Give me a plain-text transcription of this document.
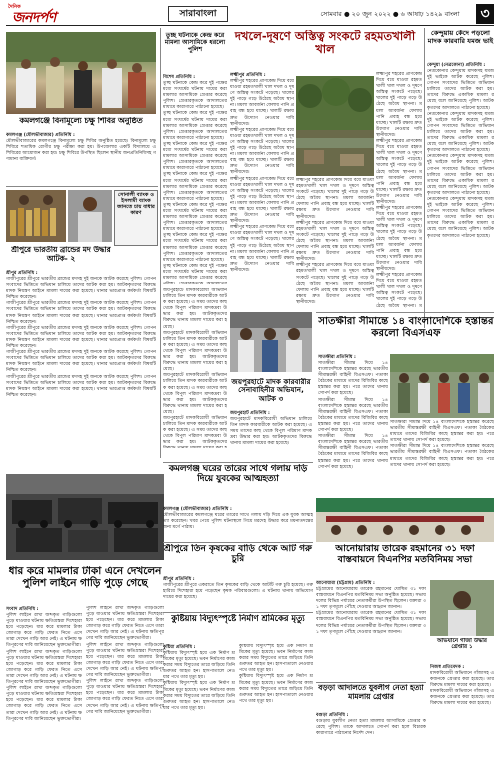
দৈনিক
জনদর্পণ	সারাবাংলা	সোমবার ● ২০ জুন ২০২২ ● ৬ আষাঢ় ১৪২৯ বাংলা	৩
কমলগঞ্জে বিনামূল্যে চক্ষু শিবির অনুষ্ঠিত
কমলগঞ্জ (মৌলভীবাজার) প্রতিনিধি :
মৌলভীবাজারের কমলগঞ্জে বিনামূল্যে চক্ষু শিবির অনুষ্ঠিত হয়েছে। বিনামূল্যে চক্ষু শিবিরে শতাধিক রোগীর চক্ষু পরীক্ষা করা হয়। উপজেলার একটি বিদ্যালয়ে এ শিবিরের আয়োজন করা হয়। চক্ষু শিবিরে উপস্থিত ছিলেন স্থানীয় জনপ্রতিনিধিসহ গণ্যমান্য ব্যক্তিবর্গ।
সোনালী ব্যাংক ও ইসলামী ব্যাংক জানতে চায় বাধার কারণ
শ্রীপুরে ভারতীয় ব্রান্ডের মদ উদ্ধার আটক- ২
শ্রীপুর প্রতিনিধি :
গাজীপুরের শ্রীপুরে ভারতীয় ব্রান্ডের মদসহ দুই জনকে আটক করেছে পুলিশ। গোপন সংবাদের ভিত্তিতে অভিযান চালিয়ে তাদের আটক করা হয়। আটককৃতদের বিরুদ্ধে মাদক নিয়ন্ত্রণ আইনে মামলা দায়ের করা হয়েছে। থানার ভারপ্রাপ্ত কর্মকর্তা বিষয়টি নিশ্চিত করেছেন।
গাজীপুরের শ্রীপুরে ভারতীয় ব্রান্ডের মদসহ দুই জনকে আটক করেছে পুলিশ। গোপন সংবাদের ভিত্তিতে অভিযান চালিয়ে তাদের আটক করা হয়। আটককৃতদের বিরুদ্ধে মাদক নিয়ন্ত্রণ আইনে মামলা দায়ের করা হয়েছে। থানার ভারপ্রাপ্ত কর্মকর্তা বিষয়টি নিশ্চিত করেছেন।
গাজীপুরের শ্রীপুরে ভারতীয় ব্রান্ডের মদসহ দুই জনকে আটক করেছে পুলিশ। গোপন সংবাদের ভিত্তিতে অভিযান চালিয়ে তাদের আটক করা হয়। আটককৃতদের বিরুদ্ধে মাদক নিয়ন্ত্রণ আইনে মামলা দায়ের করা হয়েছে। থানার ভারপ্রাপ্ত কর্মকর্তা বিষয়টি নিশ্চিত করেছেন।
গাজীপুরের শ্রীপুরে ভারতীয় ব্রান্ডের মদসহ দুই জনকে আটক করেছে পুলিশ। গোপন সংবাদের ভিত্তিতে অভিযান চালিয়ে তাদের আটক করা হয়। আটককৃতদের বিরুদ্ধে মাদক নিয়ন্ত্রণ আইনে মামলা দায়ের করা হয়েছে। থানার ভারপ্রাপ্ত কর্মকর্তা বিষয়টি নিশ্চিত করেছেন।
গাজীপুরের শ্রীপুরে ভারতীয় ব্রান্ডের মদসহ দুই জনকে আটক করেছে পুলিশ। গোপন সংবাদের ভিত্তিতে অভিযান চালিয়ে তাদের আটক করা হয়। আটককৃতদের বিরুদ্ধে মাদক নিয়ন্ত্রণ আইনে মামলা দায়ের করা হয়েছে। থানার ভারপ্রাপ্ত কর্মকর্তা বিষয়টি নিশ্চিত করেছেন।
ধার করে মামলার টাকা এনে দেখলেন পুলিশ লাইনে গাড়ি পুড়ে গেছে
সংবাদ প্রতিনিধি :
পুলিশ লাইনে রাখা জব্দকৃত গাড়িগুলো পুড়ে যাওয়ার ঘটনায় ক্ষতিগ্রস্তরা দিশেহারা হয়ে পড়েছেন। ধার করে মামলার টাকা জোগাড় করে গাড়ি ফেরত নিতে এসে তারা দেখেন গাড়ি আর নেই। এ ঘটনায় ক্ষতিপূরণের দাবি জানিয়েছেন ভুক্তভোগীরা।
পুলিশ লাইনে রাখা জব্দকৃত গাড়িগুলো পুড়ে যাওয়ার ঘটনায় ক্ষতিগ্রস্তরা দিশেহারা হয়ে পড়েছেন। ধার করে মামলার টাকা জোগাড় করে গাড়ি ফেরত নিতে এসে তারা দেখেন গাড়ি আর নেই। এ ঘটনায় ক্ষতিপূরণের দাবি জানিয়েছেন ভুক্তভোগীরা।
পুলিশ লাইনে রাখা জব্দকৃত গাড়িগুলো পুড়ে যাওয়ার ঘটনায় ক্ষতিগ্রস্তরা দিশেহারা হয়ে পড়েছেন। ধার করে মামলার টাকা জোগাড় করে গাড়ি ফেরত নিতে এসে তারা দেখেন গাড়ি আর নেই। এ ঘটনায় ক্ষতিপূরণের দাবি জানিয়েছেন ভুক্তভোগীরা।
পুলিশ লাইনে রাখা জব্দকৃত গাড়িগুলো পুড়ে যাওয়ার ঘটনায় ক্ষতিগ্রস্তরা দিশেহারা হয়ে পড়েছেন। ধার করে মামলার টাকা জোগাড় করে গাড়ি ফেরত নিতে এসে তারা দেখেন গাড়ি আর নেই। এ ঘটনায় ক্ষতিপূরণের দাবি জানিয়েছেন ভুক্তভোগীরা।
পুলিশ লাইনে রাখা জব্দকৃত গাড়িগুলো পুড়ে যাওয়ার ঘটনায় ক্ষতিগ্রস্তরা দিশেহারা হয়ে পড়েছেন। ধার করে মামলার টাকা জোগাড় করে গাড়ি ফেরত নিতে এসে তারা দেখেন গাড়ি আর নেই। এ ঘটনায় ক্ষতিপূরণের দাবি জানিয়েছেন ভুক্তভোগীরা।
পুলিশ লাইনে রাখা জব্দকৃত গাড়িগুলো পুড়ে যাওয়ার ঘটনায় ক্ষতিগ্রস্তরা দিশেহারা হয়ে পড়েছেন। ধার করে মামলার টাকা জোগাড় করে গাড়ি ফেরত নিতে এসে তারা দেখেন গাড়ি আর নেই। এ ঘটনায় ক্ষতিপূরণের দাবি জানিয়েছেন ভুক্তভোগীরা।
তুচ্ছ ঘটনাকে কেন্দ্র করে মামলা আসামিকে ধরলো পুলিশ
বিশেষ প্রতিনিধি :
তুচ্ছ ঘটনাকে কেন্দ্র করে দুই পক্ষের মধ্যে সংঘর্ষের ঘটনায় দায়ের করা মামলার আসামিকে গ্রেপ্তার করেছে পুলিশ। গ্রেপ্তারকৃতকে আদালতের মাধ্যমে কারাগারে পাঠানো হয়েছে।
তুচ্ছ ঘটনাকে কেন্দ্র করে দুই পক্ষের মধ্যে সংঘর্ষের ঘটনায় দায়ের করা মামলার আসামিকে গ্রেপ্তার করেছে পুলিশ। গ্রেপ্তারকৃতকে আদালতের মাধ্যমে কারাগারে পাঠানো হয়েছে।
তুচ্ছ ঘটনাকে কেন্দ্র করে দুই পক্ষের মধ্যে সংঘর্ষের ঘটনায় দায়ের করা মামলার আসামিকে গ্রেপ্তার করেছে পুলিশ। গ্রেপ্তারকৃতকে আদালতের মাধ্যমে কারাগারে পাঠানো হয়েছে।
তুচ্ছ ঘটনাকে কেন্দ্র করে দুই পক্ষের মধ্যে সংঘর্ষের ঘটনায় দায়ের করা মামলার আসামিকে গ্রেপ্তার করেছে পুলিশ। গ্রেপ্তারকৃতকে আদালতের মাধ্যমে কারাগারে পাঠানো হয়েছে।
তুচ্ছ ঘটনাকে কেন্দ্র করে দুই পক্ষের মধ্যে সংঘর্ষের ঘটনায় দায়ের করা মামলার আসামিকে গ্রেপ্তার করেছে পুলিশ। গ্রেপ্তারকৃতকে আদালতের মাধ্যমে কারাগারে পাঠানো হয়েছে।
তুচ্ছ ঘটনাকে কেন্দ্র করে দুই পক্ষের মধ্যে সংঘর্ষের ঘটনায় দায়ের করা মামলার আসামিকে গ্রেপ্তার করেছে পুলিশ। গ্রেপ্তারকৃতকে আদালতের মাধ্যমে কারাগারে পাঠানো হয়েছে।
তুচ্ছ ঘটনাকে কেন্দ্র করে দুই পক্ষের মধ্যে সংঘর্ষের ঘটনায় দায়ের করা মামলার আসামিকে গ্রেপ্তার করেছে
জয়পুরহাটে মাদকবিরোধী অভিযান চালিয়ে তিন মাদক কারবারীকে আটক করা হয়েছে। এ সময় তাদের কাছ থেকে বিপুল পরিমাণ মাদকদ্রব্য উদ্ধার করা হয়। আটককৃতদের বিরুদ্ধে থানায় মামলা দায়ের করা হয়েছে।
জয়পুরহাটে মাদকবিরোধী অভিযান চালিয়ে তিন মাদক কারবারীকে আটক করা হয়েছে। এ সময় তাদের কাছ থেকে বিপুল পরিমাণ মাদকদ্রব্য উদ্ধার করা হয়। আটককৃতদের বিরুদ্ধে থানায় মামলা দায়ের করা হয়েছে।
জয়পুরহাটে মাদকবিরোধী অভিযান চালিয়ে তিন মাদক কারবারীকে আটক করা হয়েছে। এ সময় তাদের কাছ থেকে বিপুল পরিমাণ মাদকদ্রব্য উদ্ধার করা হয়। আটককৃতদের বিরুদ্ধে থানায় মামলা দায়ের করা হয়েছে।
জয়পুরহাটে মাদকবিরোধী অভিযান চালিয়ে তিন মাদক কারবারীকে আটক করা হয়েছে। এ সময় তাদের কাছ থেকে বিপুল পরিমাণ মাদকদ্রব্য উদ্ধার করা হয়। আটককৃতদের
দখলে-দূষণে অস্তিত্ব সংকটে রহমতখালী খাল
লক্ষ্মীপুর প্রতিনিধি :
লক্ষ্মীপুর শহরের প্রাণকেন্দ্র দিয়ে বয়ে যাওয়া রহমতখালী খাল দখল ও দূষণে অস্তিত্ব সংকটে পড়েছে। খালের দুই পাড়ে গড়ে উঠেছে অবৈধ স্থাপনা। ময়লা আবর্জনা ফেলায় পানি প্রবাহ বন্ধ হয়ে যাচ্ছে। খালটি রক্ষায় দ্রুত উদ্যোগ নেওয়ার দাবি স্থানীয়দের।
লক্ষ্মীপুর শহরের প্রাণকেন্দ্র দিয়ে বয়ে যাওয়া রহমতখালী খাল দখল ও দূষণে অস্তিত্ব সংকটে পড়েছে। খালের দুই পাড়ে গড়ে উঠেছে অবৈধ স্থাপনা। ময়লা আবর্জনা ফেলায় পানি প্রবাহ বন্ধ হয়ে যাচ্ছে। খালটি রক্ষায় দ্রুত উদ্যোগ নেওয়ার দাবি স্থানীয়দের।
লক্ষ্মীপুর শহরের প্রাণকেন্দ্র দিয়ে বয়ে যাওয়া রহমতখালী খাল দখল ও দূষণে অস্তিত্ব সংকটে পড়েছে। খালের দুই পাড়ে গড়ে উঠেছে অবৈধ স্থাপনা। ময়লা আবর্জনা ফেলায় পানি প্রবাহ বন্ধ হয়ে যাচ্ছে। খালটি রক্ষায় দ্রুত উদ্যোগ নেওয়ার দাবি স্থানীয়দের।
লক্ষ্মীপুর শহরের প্রাণকেন্দ্র দিয়ে বয়ে যাওয়া রহমতখালী খাল দখল ও দূষণে অস্তিত্ব সংকটে পড়েছে। খালের দুই পাড়ে গড়ে উঠেছে অবৈধ স্থাপনা। ময়লা আবর্জনা ফেলায় পানি প্রবাহ বন্ধ হয়ে যাচ্ছে। খালটি রক্ষায় দ্রুত উদ্যোগ নেওয়ার দাবি স্থানীয়দের।
লক্ষ্মীপুর শহরের প্রাণকেন্দ্র দিয়ে বয়ে যাওয়া রহমতখালী খাল দখল ও দূষণে অস্তিত্ব সংকটে পড়েছে। খালের দুই পাড়ে গড়ে উঠেছে অবৈধ স্থাপনা। ময়লা আবর্জনা ফেলায় পানি প্রবাহ বন্ধ হয়ে যাচ্ছে। খালটি রক্ষায় দ্রুত উদ্যোগ নেওয়ার দাবি স্থানীয়দের।
লক্ষ্মীপুর শহরের প্রাণকেন্দ্র দিয়ে বয়ে যাওয়া রহমতখালী খাল দখল ও দূষণে অস্তিত্ব সংকটে পড়েছে। খালের দুই পাড়ে গড়ে উঠেছে অবৈধ স্থাপনা। ময়লা আবর্জনা ফেলায় পানি প্রবাহ বন্ধ হয়ে যাচ্ছে। খালটি রক্ষায় দ্রুত উদ্যোগ নেওয়ার দাবি স্থানীয়দের।
লক্ষ্মীপুর শহরের প্রাণকেন্দ্র দিয়ে বয়ে যাওয়া রহমতখালী খাল দখল ও দূষণে অস্তিত্ব সংকটে পড়েছে। খালের দুই পাড়ে গড়ে উঠেছে অবৈধ স্থাপনা। ময়লা আবর্জনা ফেলায় পানি প্রবাহ বন্ধ হয়ে যাচ্ছে। খালটি রক্ষায় দ্রুত উদ্যোগ নেওয়ার দাবি স্থানীয়দের।
লক্ষ্মীপুর শহরের প্রাণকেন্দ্র দিয়ে বয়ে যাওয়া রহমতখালী খাল দখল ও দূষণে অস্তিত্ব সংকটে পড়েছে। খালের দুই পাড়ে গড়ে উঠেছে অবৈধ স্থাপনা। ময়লা আবর্জনা ফেলায় পানি প্রবাহ বন্ধ হয়ে যাচ্ছে। খালটি রক্ষায় দ্রুত উদ্যোগ নেওয়ার দাবি স্থানীয়দের।
লক্ষ্মীপুর শহরের প্রাণকেন্দ্র দিয়ে বয়ে যাওয়া রহমতখালী খাল দখল ও দূষণে অস্তিত্ব সংকটে পড়েছে। খালের দুই পাড়ে গড়ে উঠেছে অবৈধ স্থাপনা। ময়লা আবর্জনা ফেলায় পানি প্রবাহ বন্ধ হয়ে যাচ্ছে। খালটি রক্ষায় দ্রুত উদ্যোগ নেওয়ার দাবি স্থানীয়দের।
লক্ষ্মীপুর শহরের প্রাণকেন্দ্র দিয়ে বয়ে যাওয়া রহমতখালী খাল দখল ও দূষণে অস্তিত্ব সংকটে পড়েছে। খালের দুই পাড়ে গড়ে উঠেছে অবৈধ স্থাপনা। ময়লা আবর্জনা ফেলায় পানি প্রবাহ বন্ধ হয়ে যাচ্ছে। খালটি রক্ষায় দ্রুত উদ্যোগ নেওয়ার দাবি স্থানীয়দের।
লক্ষ্মীপুর শহরের প্রাণকেন্দ্র দিয়ে বয়ে যাওয়া রহমতখালী খাল দখল ও দূষণে অস্তিত্ব সংকটে পড়েছে। খালের দুই পাড়ে গড়ে উঠেছে অবৈধ স্থাপনা। ম
জয়পুরহাটে মাদক কারবারীর সেনাবাহিনীর অভিযান, আটক ৩
জয়পুরহাট প্রতিনিধি :
জয়পুরহাটে মাদকবিরোধী অভিযান চালিয়ে তিন মাদক কারবারীকে আটক করা হয়েছে। এ সময় তাদের কাছ থেকে বিপুল পরিমাণ মাদকদ্রব্য উদ্ধার করা হয়। আটককৃতদের বিরুদ্ধে থানায় মামলা দায়ের করা হয়েছে।
কেন্দুয়ায় কেঁদে পড়লো মাদক কারবারি যমজ ভাই
কেন্দুয়া (নেত্রকোনা) প্রতিনিধি :
নেত্রকোনার কেন্দুয়ায় মাদকসহ যমজ দুই ভাইকে আটক করেছে পুলিশ। গোপন সংবাদের ভিত্তিতে অভিযান চালিয়ে তাদের আটক করা হয়। তাদের বিরুদ্ধে একাধিক মামলা রয়েছে বলে জানিয়েছে পুলিশ। আটককৃতদের আদালতে পাঠানো হয়েছে।
নেত্রকোনার কেন্দুয়ায় মাদকসহ যমজ দুই ভাইকে আটক করেছে পুলিশ। গোপন সংবাদের ভিত্তিতে অভিযান চালিয়ে তাদের আটক করা হয়। তাদের বিরুদ্ধে একাধিক মামলা রয়েছে বলে জানিয়েছে পুলিশ। আটককৃতদের আদালতে পাঠানো হয়েছে।
নেত্রকোনার কেন্দুয়ায় মাদকসহ যমজ দুই ভাইকে আটক করেছে পুলিশ। গোপন সংবাদের ভিত্তিতে অভিযান চালিয়ে তাদের আটক করা হয়। তাদের বিরুদ্ধে একাধিক মামলা রয়েছে বলে জানিয়েছে পুলিশ। আটককৃতদের আদালতে পাঠানো হয়েছে।
নেত্রকোনার কেন্দুয়ায় মাদকসহ যমজ দুই ভাইকে আটক করেছে পুলিশ। গোপন সংবাদের ভিত্তিতে অভিযান চালিয়ে তাদের আটক করা হয়। তাদের বিরুদ্ধে একাধিক মামলা রয়েছে বলে জানিয়েছে পুলিশ। আটককৃতদের আদালতে পাঠানো হয়েছে।
সাতক্ষীরা সীমান্তে ১৪ বাংলাদেশিকে হস্তান্তর করলো বিএসএফ
সাতক্ষীরা প্রতিনিধি :
সাতক্ষীরা সীমান্ত দিয়ে ১৪ বাংলাদেশিকে হস্তান্তর করেছে ভারতীয় সীমান্তরক্ষী বাহিনী বিএসএফ। পতাকা বৈঠকের মাধ্যমে তাদের বিজিবির কাছে হস্তান্তর করা হয়। পরে তাদের থানায় সোপর্দ করা হয়েছে।
সাতক্ষীরা সীমান্ত দিয়ে ১৪ বাংলাদেশিকে হস্তান্তর করেছে ভারতীয় সীমান্তরক্ষী বাহিনী বিএসএফ। পতাকা বৈঠকের মাধ্যমে তাদের বিজিবির কাছে হস্তান্তর করা হয়। পরে তাদের থানায় সোপর্দ করা হয়েছে।
সাতক্ষীরা সীমান্ত দিয়ে ১৪ বাংলাদেশিকে হস্তান্তর করেছে ভারতীয় সীমান্তরক্ষী বাহিনী বিএসএফ। পতাকা বৈঠকের মাধ্যমে তাদের বিজিবির কাছে হস্তান্তর করা হয়। পরে তাদের থানায় সোপর্দ করা হয়েছে।
সাতক্ষীরা সীমান্ত দিয়ে ১৪ বাংলাদেশিকে হস্তান্তর করেছে ভারতীয় সীমান্তরক্ষী বাহিনী বিএসএফ। পতাকা বৈঠকের মাধ্যমে তাদের বিজিবির কাছে হস্তান্তর করা হয়। পরে তাদের থানায় সোপর্দ করা হয়েছে।
সাতক্ষীরা সীমান্ত দিয়ে ১৪ বাংলাদেশিকে হস্তান্তর করেছে ভারতীয় সীমান্তরক্ষী বাহিনী বিএসএফ। পতাকা বৈঠকের মাধ্যমে তাদের বিজিবির কাছে হস্তান্তর করা হয়। পরে তাদের থানায় সোপর্দ করা হয়েছে।
কমলগঞ্জ ঘরের তারের সাথে গলায় দড়ি দিয়ে যুবকের আত্মহত্যা
কমলগঞ্জ (মৌলভীবাজার) প্রতিনিধি :
মৌলভীবাজারের কমলগঞ্জে ঘরের তারের সাথে গলায় দড়ি দিয়ে এক যুবক আত্মহত্যা করেছেন। খবর পেয়ে পুলিশ ঘটনাস্থলে গিয়ে মরদেহ উদ্ধার করে ময়নাতদন্তের জন্য মর্গে পাঠায়।
শ্রীপুরে তিন কৃষকের বাড়ি থেকে আট গরু চুরি
শ্রীপুর প্রতিনিধি :
গাজীপুরের শ্রীপুরে একরাতে তিন কৃষকের বাড়ি থেকে আটটি গরু চুরি হয়েছে। গরু হারিয়ে দিশেহারা হয়ে পড়েছেন কৃষক পরিবারগুলো। এ ঘটনায় থানায় অভিযোগ দায়ের করা হয়েছে।
কুষ্টিয়ায় বিদ্যুৎস্পৃষ্টে নির্মাণ শ্রমিকের মৃত্যু
কুষ্টিয়া প্রতিনিধি :
কুষ্টিয়ায় বিদ্যুৎস্পৃষ্ট হয়ে এক নির্মাণ শ্রমিকের মৃত্যু হয়েছে। ভবন নির্মাণের কাজ করার সময় বিদ্যুতের তারে জড়িয়ে তিনি গুরুতর আহত হন। হাসপাতালে নেওয়ার পথে তার মৃত্যু হয়।
কুষ্টিয়ায় বিদ্যুৎস্পৃষ্ট হয়ে এক নির্মাণ শ্রমিকের মৃত্যু হয়েছে। ভবন নির্মাণের কাজ করার সময় বিদ্যুতের তারে জড়িয়ে তিনি গুরুতর আহত হন। হাসপাতালে নেওয়ার পথে তার মৃত্যু হয়।
কুষ্টিয়ায় বিদ্যুৎস্পৃষ্ট হয়ে এক নির্মাণ শ্রমিকের মৃত্যু হয়েছে। ভবন নির্মাণের কাজ করার সময় বিদ্যুতের তারে জড়িয়ে তিনি গুরুতর আহত হন। হাসপাতালে নেওয়ার পথে তার মৃত্যু হয়।
কুষ্টিয়ায় বিদ্যুৎস্পৃষ্ট হয়ে এক নির্মাণ শ্রমিকের মৃত্যু হয়েছে। ভবন নির্মাণের কাজ করার সময় বিদ্যুতের তারে জড়িয়ে তিনি গুরুতর আহত হন। হাসপাতালে নেওয়ার পথে তার মৃত্যু হয়।
আনোয়ারায় তারেক রহমানের ৩১ দফা বাস্তবায়নে বিএনপির মতবিনিময় সভা
আনোয়ারা (চট্টগ্রাম) প্রতিনিধি :
চট্টগ্রামের আনোয়ারায় তারেক রহমানের ঘোষিত ৩১ দফা বাস্তবায়নে বিএনপির মতবিনিময় সভা অনুষ্ঠিত হয়েছে। সভায় দলের বিভিন্ন পর্যায়ের নেতাকর্মীরা উপস্থিত ছিলেন। বক্তারা ৩১ দফা তৃণমূলে পৌঁছে দেওয়ার আহ্বান জানান।
চট্টগ্রামের আনোয়ারায় তারেক রহমানের ঘোষিত ৩১ দফা বাস্তবায়নে বিএনপির মতবিনিময় সভা অনুষ্ঠিত হয়েছে। সভায় দলের বিভিন্ন পর্যায়ের নেতাকর্মীরা উপস্থিত ছিলেন। বক্তারা ৩১ দফা তৃণমূলে পৌঁছে দেওয়ার আহ্বান জানান।
অভিযানে গাঁজা উদ্ধার গ্রেপ্তার ১
নিজস্ব প্রতিবেদক :
মাদকবিরোধী অভিযানে গাঁজাসহ একজনকে গ্রেপ্তার করা হয়েছে। তার বিরুদ্ধে মামলা দায়ের করা হয়েছে।
মাদকবিরোধী অভিযানে গাঁজাসহ একজনকে গ্রেপ্তার করা হয়েছে। তার বিরুদ্ধে মামলা দায়ের করা হয়েছে।
বড়ড়া আদালতে যুবলীগ নেতা হত্যা মামলায় গ্রেপ্তার
বগুড়া প্রতিনিধি :
বগুড়ায় যুবলীগ নেতা হত্যা মামলার আসামিকে গ্রেপ্তার করেছে পুলিশ। তাকে আদালতে সোপর্দ করা হলে বিচারক কারাগারে পাঠানোর নির্দেশ দেন।
